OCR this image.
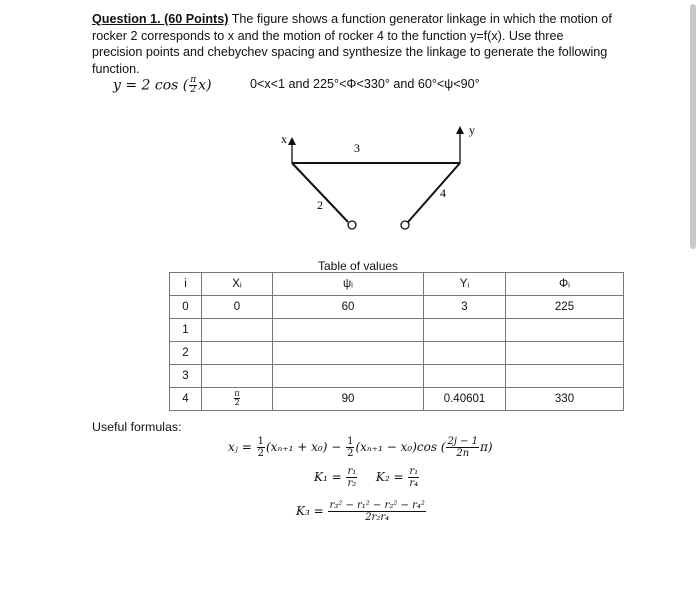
Question 1. (60 Points) The figure shows a function generator linkage in which the motion of rocker 2 corresponds to x and the motion of rocker 4 to the function y=f(x). Use three precision points and chebychev spacing and synthesize the linkage to generate the following function.
y = 2 cos ( $\frac{\pi}{2} x$)	0<x<1 and 225°<Φ<330° and 60°<ψ<90°
x
y
2
3
4
Table of values
i	Xᵢ	ψᵢ	Yᵢ	Φᵢ
0	0	60	3	225
1				
2				
3				
4	$\frac{\pi}{2}$	90	0.40601	330
Useful formulas:
xⱼ = $\frac{1}{2} (x_{n+1} + x_0) - \frac{1}{2} (x_{n+1} - x_0)\cos$ ( $\frac{2j - 1}{2n} \pi$)
$K_1 = \frac{\text{r₁}}{\text{r₂}} K_2 = \frac{\text{r₁}}{\text{r₄}}$
$K_3 = \frac{\text{r₃² − r₁² − r₂² − r₄²}}{\text{2r₂r₄}}$
